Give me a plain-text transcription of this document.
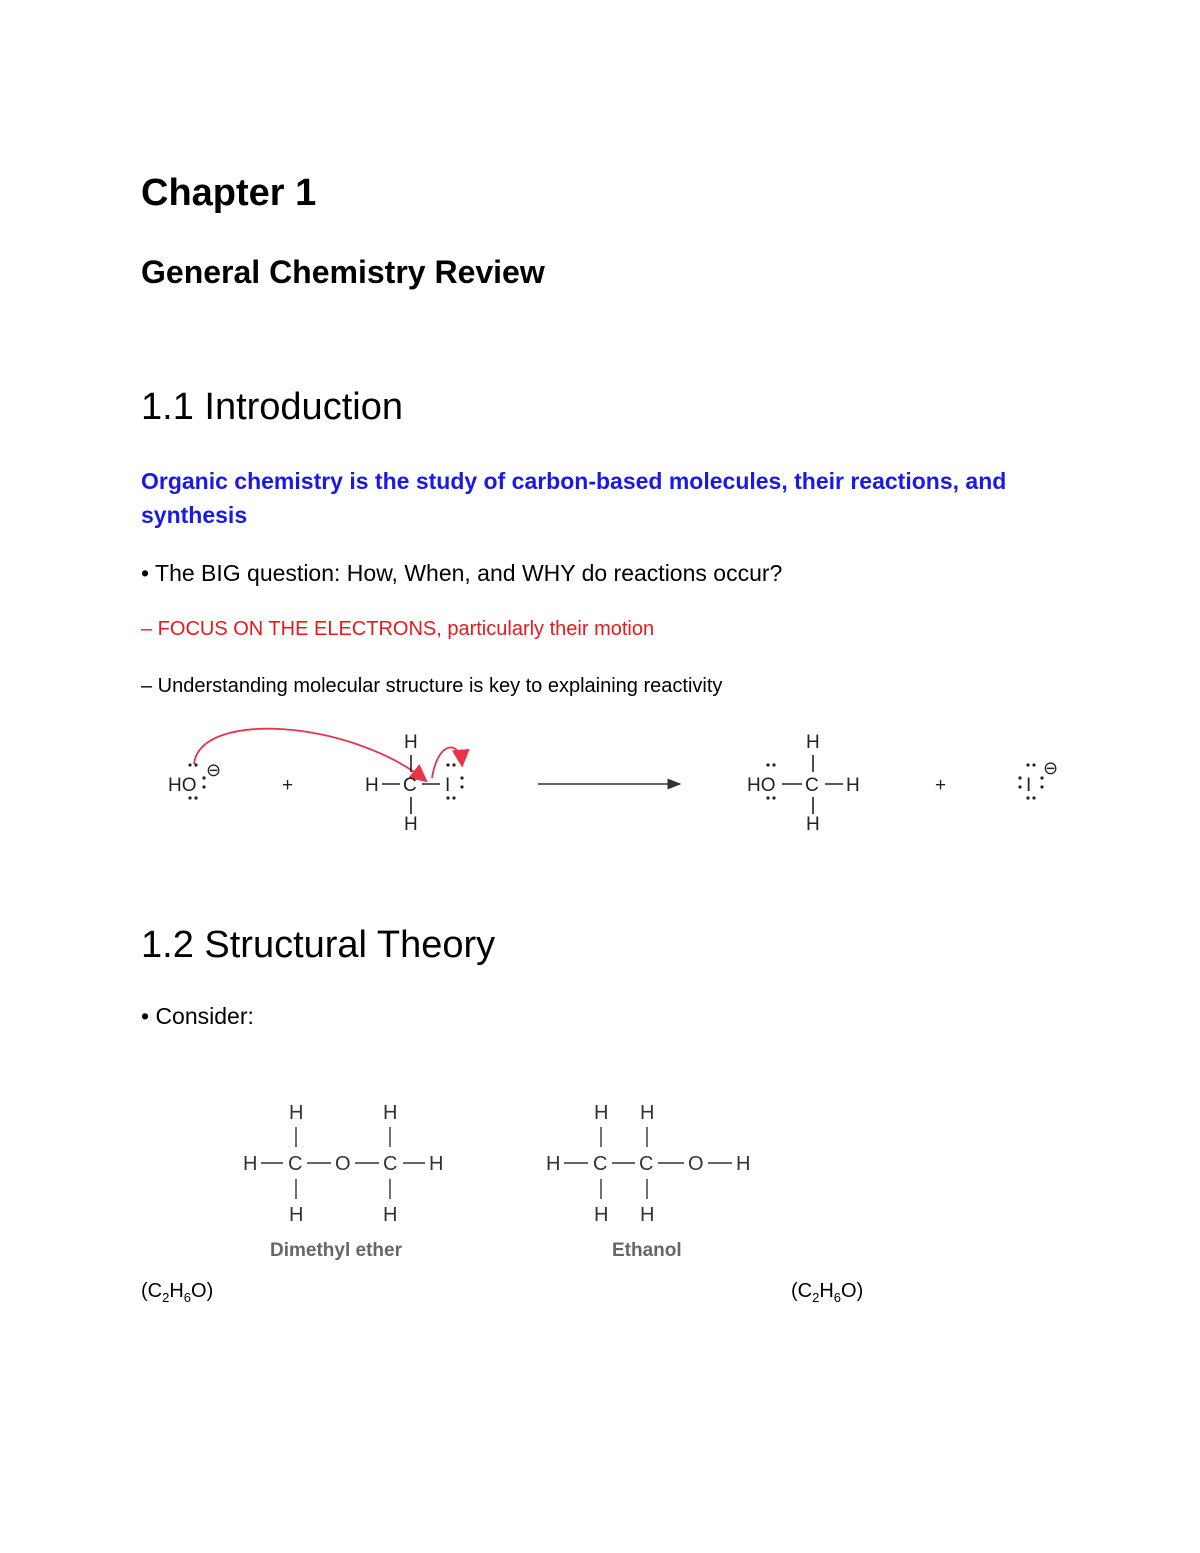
Chapter 1
General Chemistry Review
1.1 Introduction
Organic chemistry is the study of carbon-based molecules, their reactions, and synthesis
• The BIG question: How, When, and WHY do reactions occur?
– FOCUS ON THE ELECTRONS, particularly their motion
– Understanding molecular structure is key to explaining reactivity
HO
⊖
+
H
H C I
H
HO
H
C H
H
+	I
⊖
1.2 Structural Theory
• Consider:
H	H
H C O C H
H	H
Dimethyl ether
H H
H C C O H
H H
Ethanol
$(C_2H_6O)$	$(C_2H_6O)$
